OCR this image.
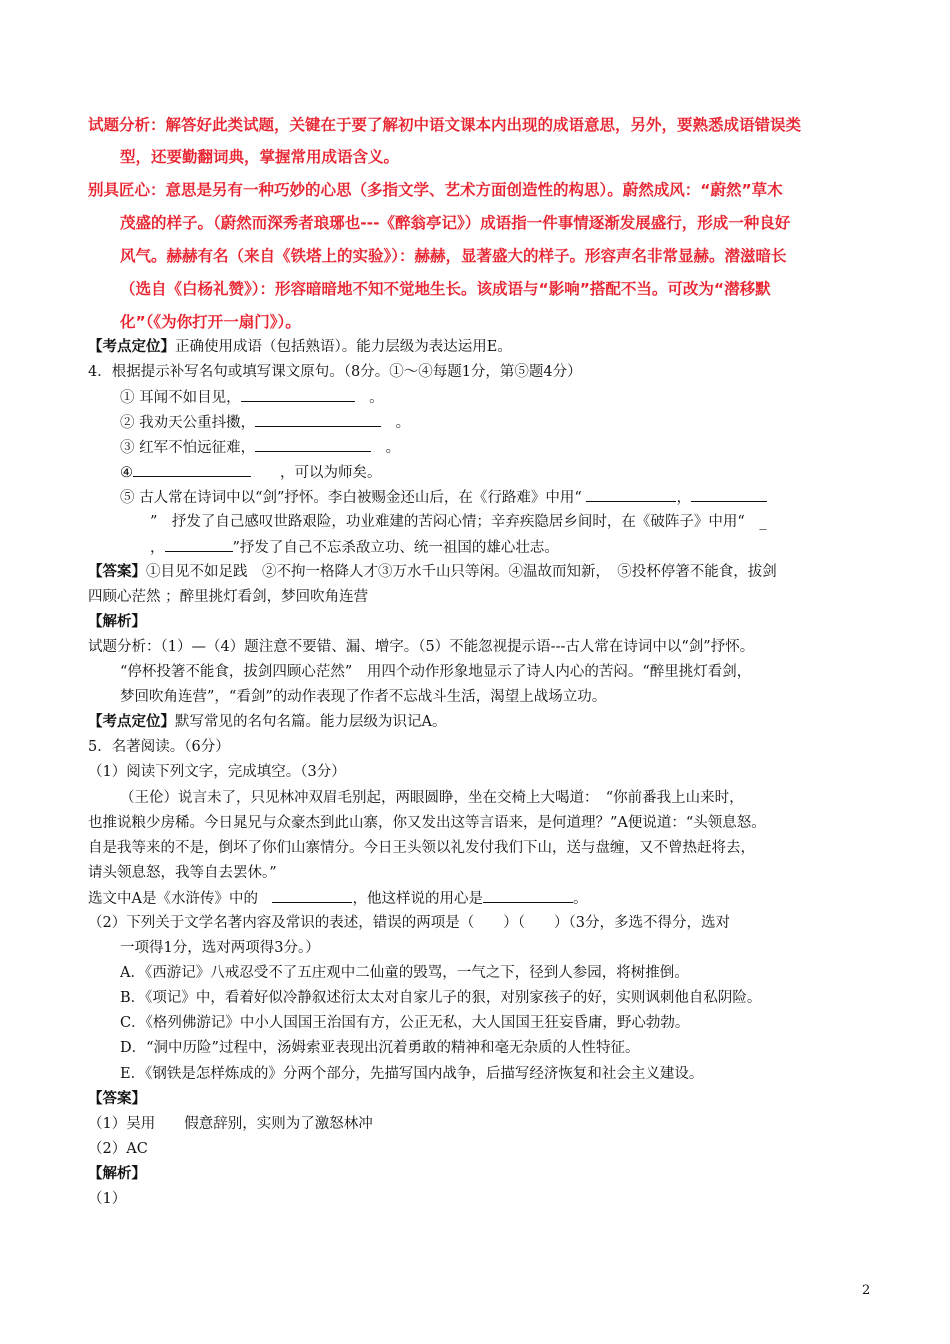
试题分析：解答好此类试题，关键在于要了解初中语文课本内出现的成语意思，另外，要熟悉成语错误类
型，还要勤翻词典，掌握常用成语含义。
别具匠心：意思是另有一种巧妙的心思（多指文学、艺术方面创造性的构思）。蔚然成风：“蔚然”草木
茂盛的样子。（蔚然而深秀者琅琊也---《醉翁亭记》）成语指一件事情逐渐发展盛行，形成一种良好
风气。赫赫有名（来自《铁塔上的实验》）：赫赫，显著盛大的样子。形容声名非常显赫。潜滋暗长
（选自《白杨礼赞》）：形容暗暗地不知不觉地生长。该成语与“影响”搭配不当。可改为“潜移默
化”（《为你打开一扇门》）。
【考点定位】正确使用成语（包括熟语）。能力层级为表达运用E。
4．根据提示补写名句或填写课文原句。（8分。①～④每题1分，第⑤题4分）
① 耳闻不如目见，　	。
② 我劝天公重抖擞，　	。
③ 红军不怕远征难，　	。
④　　	，可以为师矣。
⑤ 古人常在诗词中以“剑”抒怀。李白被赐金还山后，在《行路难》中用“	，
”　 抒发了自己感叹世路艰险，功业难建的苦闷心情；辛弃疾隐居乡间时，在《破阵子》中用“　 _
，	”抒发了自己不忘杀敌立功、统一祖国的雄心壮志。
【答案】①目见不如足践　②不拘一格降人才③万水千山只等闲。④温故而知新，　⑤投杯停箸不能食，拔剑
四顾心茫然 ；醉里挑灯看剑，梦回吹角连营
【解析】
试题分析：（1）—（4）题注意不要错、漏、增字。（5）不能忽视提示语---古人常在诗词中以“剑”抒怀。
“停杯投箸不能食，拔剑四顾心茫然”　用四个动作形象地显示了诗人内心的苦闷。“醉里挑灯看剑，
梦回吹角连营”，“看剑”的动作表现了作者不忘战斗生活，渴望上战场立功。
【考点定位】默写常见的名句名篇。能力层级为识记A。
5．名著阅读。（6分）
（1）阅读下列文字，完成填空。（3分）
（王伦）说言未了，只见林冲双眉毛别起，两眼圆睁，坐在交椅上大喝道：　“你前番我上山来时，
也推说粮少房稀。今日晁兄与众豪杰到此山寨，你又发出这等言语来，是何道理？”A便说道：“头领息怒。
自是我等来的不是，倒坏了你们山寨情分。今日王头领以礼发付我们下山，送与盘缠，又不曾热赶将去，
请头领息怒，我等自去罢休。”
选文中A是《水浒传》中的　	，他这样说的用心是	。
（2）下列关于文学名著内容及常识的表述，错误的两项是（　　）（　　）（3分，多选不得分，选对
一项得1分，选对两项得3分。）
A．《西游记》八戒忍受不了五庄观中二仙童的毁骂，一气之下，径到人参园，将树推倒。
B．《项记》中，看着好似冷静叙述衍太太对自家儿子的狠，对别家孩子的好，实则讽刺他自私阴险。
C．《格列佛游记》中小人国国王治国有方，公正无私，大人国国王狂妄昏庸，野心勃勃。
D．“洞中历险”过程中，汤姆索亚表现出沉着勇敢的精神和毫无杂质的人性特征。
E．《钢铁是怎样炼成的》分两个部分，先描写国内战争，后描写经济恢复和社会主义建设。
【答案】
（1）吴用　　假意辞别，实则为了激怒林冲
（2）AC
【解析】
（1）
2
